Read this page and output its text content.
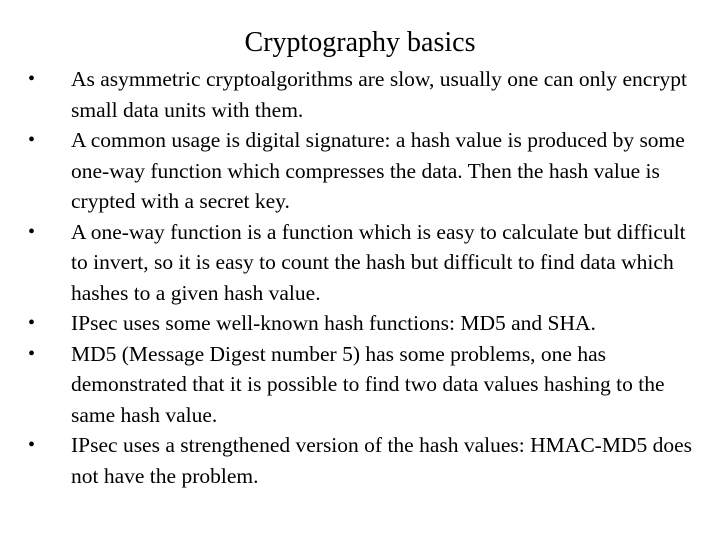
Cryptography basics
•	As asymmetric cryptoalgorithms are slow, usually one can only encrypt small data units with them.
•	A common usage is digital signature: a hash value is produced by some one-way function which compresses the data. Then the hash value is crypted with a secret key.
•	A one-way function is a function which is easy to calculate but difficult to invert, so it is easy to count the hash but difficult to find data which hashes to a given hash value.
•	IPsec uses some well-known hash functions: MD5 and SHA.
•	MD5 (Message Digest number 5) has some problems, one has demonstrated that it is possible to find two data values hashing to the same hash value.
•	IPsec uses a strengthened version of the hash values: HMAC-MD5 does not have the problem.
